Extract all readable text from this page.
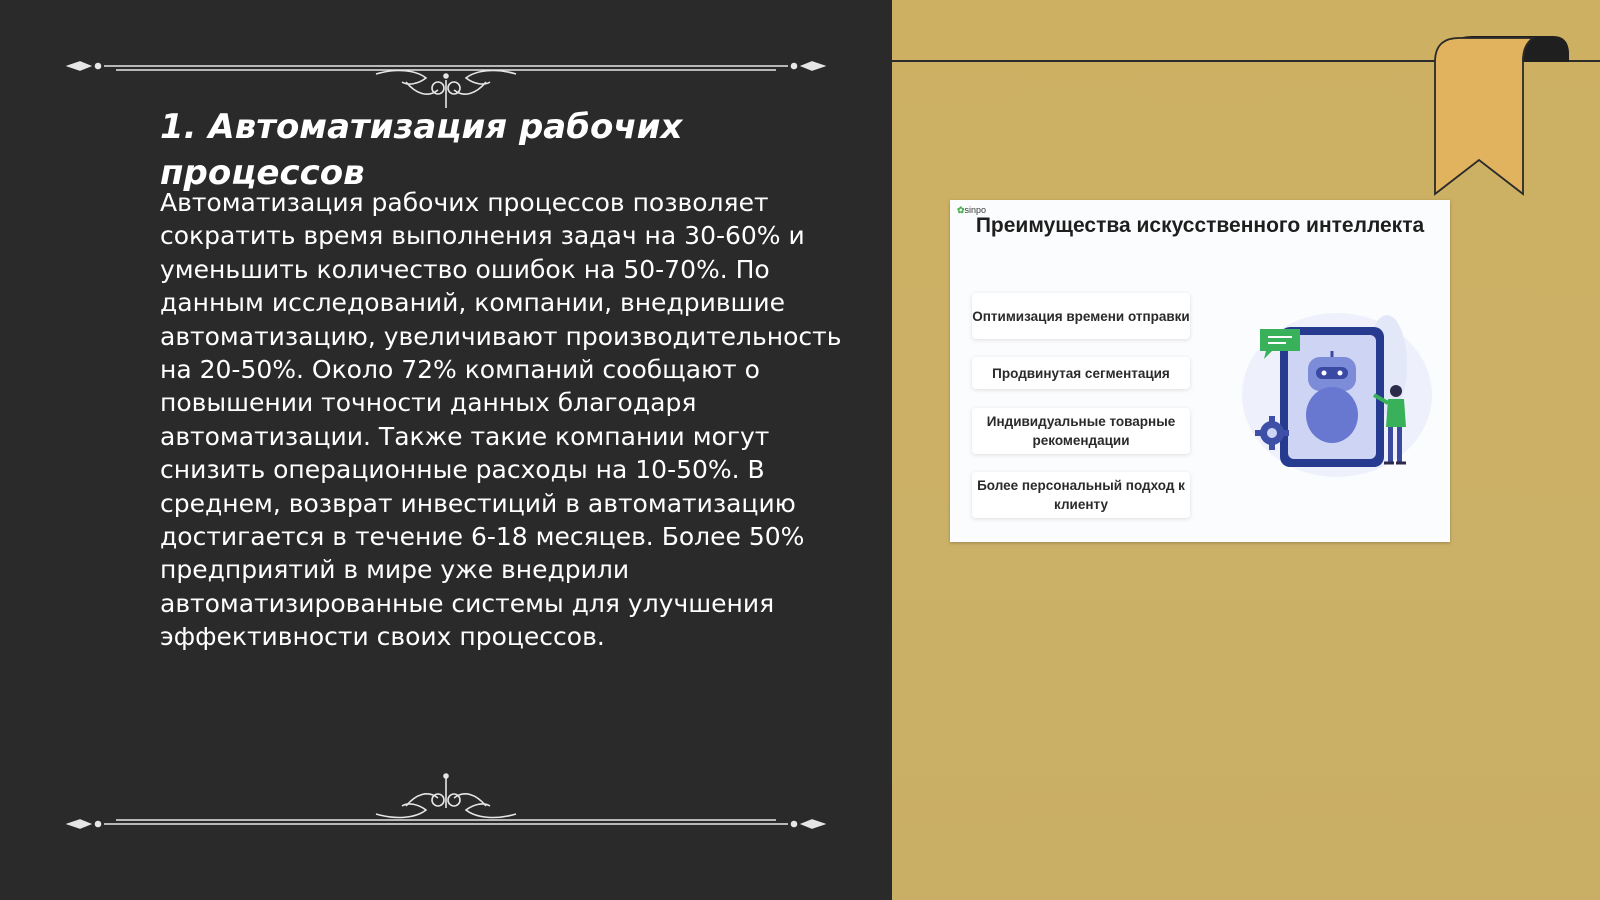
1. Автоматизация рабочих процессов

Автоматизация рабочих процессов позволяет сократить время выполнения задач на 30-60% и уменьшить количество ошибок на 50-70%. По данным исследований, компании, внедрившие автоматизацию, увеличивают производительность на 20-50%. Около 72% компаний сообщают о повышении точности данных благодаря автоматизации. Также такие компании могут снизить операционные расходы на 10-50%. В среднем, возврат инвестиций в автоматизацию достигается в течение 6-18 месяцев. Более 50% предприятий в мире уже внедрили автоматизированные системы для улучшения эффективности своих процессов.

✿sinpo
Преимущества искусственного интеллекта
Оптимизация времени отправки
Продвинутая сегментация
Индивидуальные товарные рекомендации
Более персональный подход к клиенту
